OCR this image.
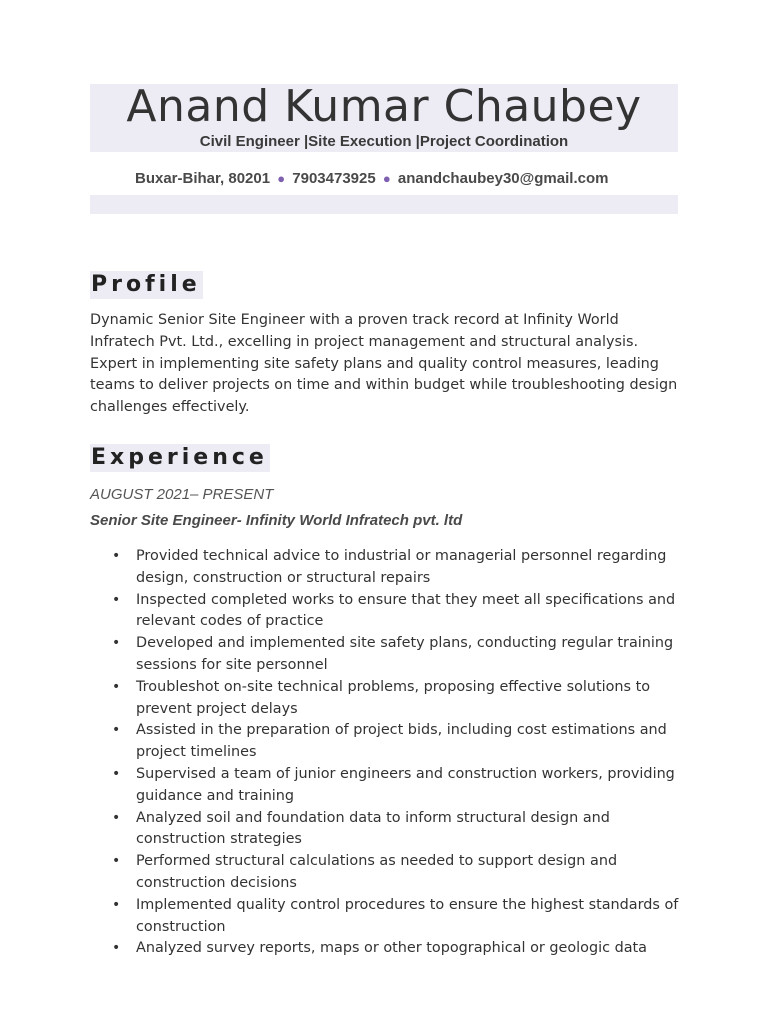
Anand Kumar Chaubey
Civil Engineer |Site Execution |Project Coordination
Buxar-Bihar, 80201 ● 7903473925 ● anandchaubey30@gmail.com
Profile
Dynamic Senior Site Engineer with a proven track record at Infinity World Infratech Pvt. Ltd., excelling in project management and structural analysis. Expert in implementing site safety plans and quality control measures, leading teams to deliver projects on time and within budget while troubleshooting design challenges effectively.
Experience
AUGUST 2021– PRESENT
Senior Site Engineer- Infinity World Infratech pvt. ltd
• Provided technical advice to industrial or managerial personnel regarding design, construction or structural repairs
• Inspected completed works to ensure that they meet all specifications and relevant codes of practice
• Developed and implemented site safety plans, conducting regular training sessions for site personnel
• Troubleshot on-site technical problems, proposing effective solutions to prevent project delays
• Assisted in the preparation of project bids, including cost estimations and project timelines
• Supervised a team of junior engineers and construction workers, providing guidance and training
• Analyzed soil and foundation data to inform structural design and construction strategies
• Performed structural calculations as needed to support design and construction decisions
• Implemented quality control procedures to ensure the highest standards of construction
• Analyzed survey reports, maps or other topographical or geologic data
